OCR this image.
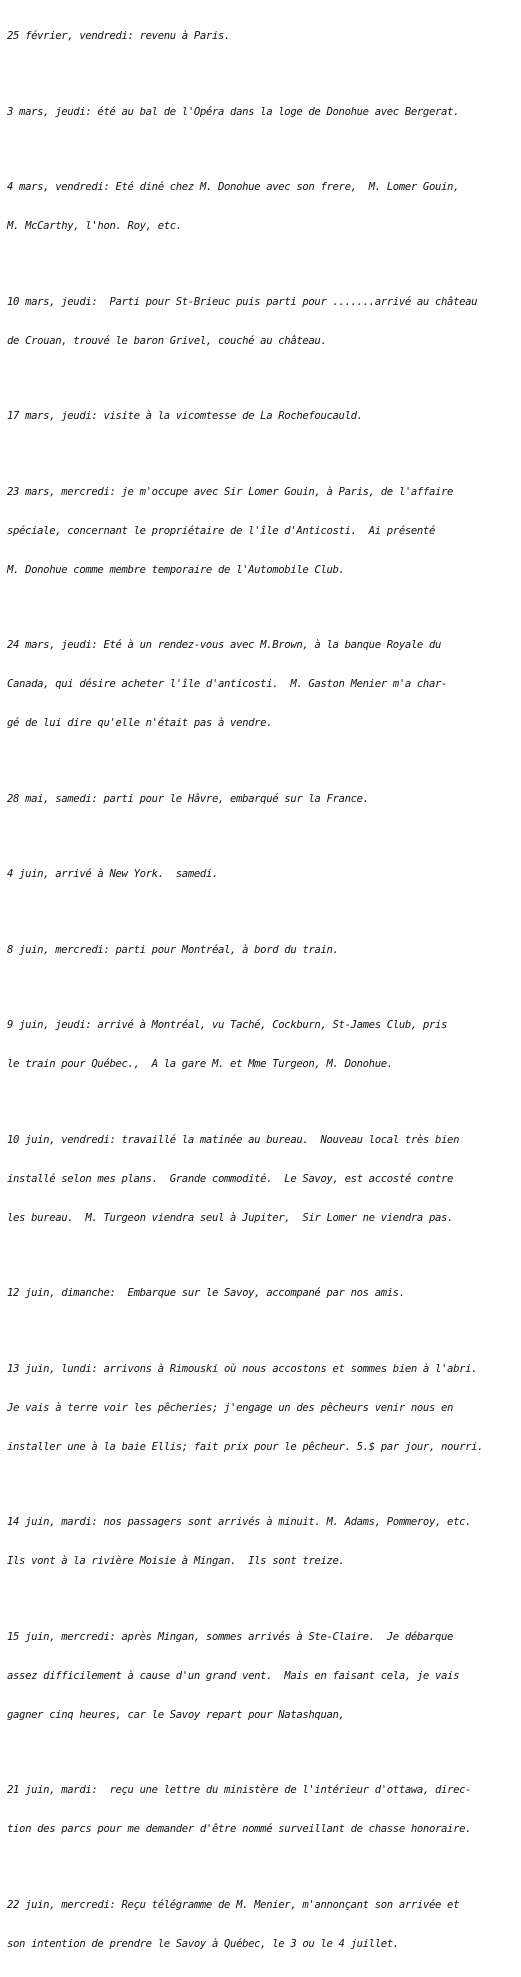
25 février, vendredi: revenu à Paris.

3 mars, jeudi: été au bal de l'Opéra dans la loge de Donohue avec Bergerat.

4 mars, vendredi: Eté diné chez M. Donohue avec son frere,  M. Lomer Gouin,

M. McCarthy, l'hon. Roy, etc.

10 mars, jeudi:  Parti pour St-Brieuc puis parti pour .......arrivé au château

de Crouan, trouvé le baron Grivel, couché au château.

17 mars, jeudi: visite à la vicomtesse de La Rochefoucauld.

23 mars, mercredi: je m'occupe avec Sir Lomer Gouin, à Paris, de l'affaire

spéciale, concernant le propriétaire de l'île d'Anticosti.  Ai présenté

M. Donohue comme membre temporaire de l'Automobile Club.

24 mars, jeudi: Eté à un rendez-vous avec M.Brown, à la banque Royale du

Canada, qui désire acheter l'île d'anticosti.  M. Gaston Menier m'a char-

gé de lui dire qu'elle n'était pas à vendre.

28 mai, samedi: parti pour le Hâvre, embarqué sur la France.

4 juin, arrivé à New York.  samedi.

8 juin, mercredi: parti pour Montréal, à bord du train.

9 juin, jeudi: arrivé à Montréal, vu Taché, Cockburn, St-James Club, pris

le train pour Québec.,  A la gare M. et Mme Turgeon, M. Donohue.

10 juin, vendredi: travaillé la matinée au bureau.  Nouveau local très bien

installé selon mes plans.  Grande commodité.  Le Savoy, est accosté contre

les bureau.  M. Turgeon viendra seul à Jupiter,  Sir Lomer ne viendra pas.

12 juin, dimanche:  Embarque sur le Savoy, accompané par nos amis.

13 juin, lundi: arrivons à Rimouski où nous accostons et sommes bien à l'abri.

Je vais à terre voir les pêcheries; j'engage un des pêcheurs venir nous en

installer une à la baie Ellis; fait prix pour le pêcheur. 5.$ par jour, nourri.

14 juin, mardi: nos passagers sont arrivés à minuit. M. Adams, Pommeroy, etc.

Ils vont à la rivière Moisie à Mingan.  Ils sont treize.

15 juin, mercredi: après Mingan, sommes arrivés à Ste-Claire.  Je débarque

assez difficilement à cause d'un grand vent.  Mais en faisant cela, je vais

gagner cinq heures, car le Savoy repart pour Natashquan,

21 juin, mardi:  reçu une lettre du ministère de l'intérieur d'ottawa, direc-

tion des parcs pour me demander d'être nommé surveillant de chasse honoraire.

22 juin, mercredi: Reçu télégramme de M. Menier, m'annonçant son arrivée et

son intention de prendre le Savoy à Québec, le 3 ou le 4 juillet.
